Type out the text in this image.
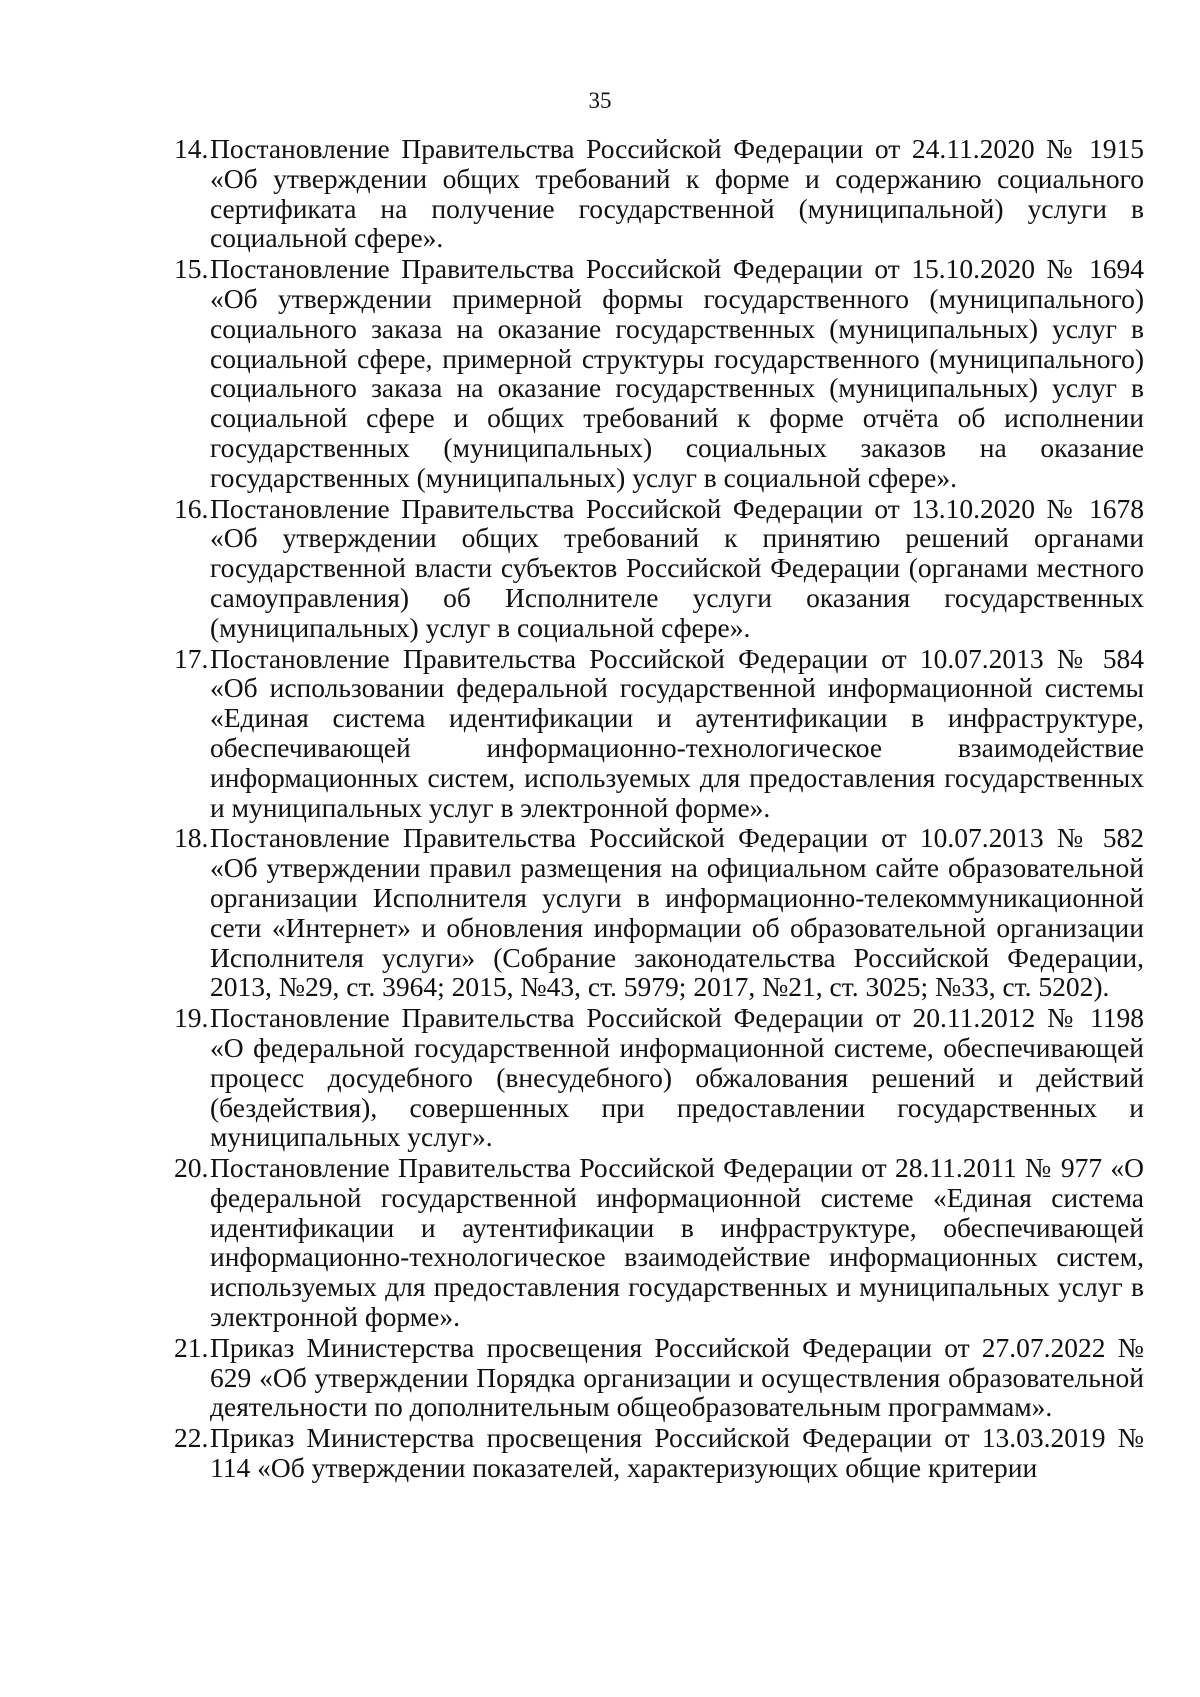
35
14. Постановление Правительства Российской Федерации от 24.11.2020 № 1915 «Об утверждении общих требований к форме и содержанию социального сертификата на получение государственной (муниципальной) услуги в социальной сфере».
15. Постановление Правительства Российской Федерации от 15.10.2020 № 1694 «Об утверждении примерной формы государственного (муниципального) социального заказа на оказание государственных (муниципальных) услуг в социальной сфере, примерной структуры государственного (муниципального) социального заказа на оказание государственных (муниципальных) услуг в социальной сфере и общих требований к форме отчёта об исполнении государственных (муниципальных) социальных заказов на оказание государственных (муниципальных) услуг в социальной сфере».
16. Постановление Правительства Российской Федерации от 13.10.2020 № 1678 «Об утверждении общих требований к принятию решений органами государственной власти субъектов Российской Федерации (органами местного самоуправления) об Исполнителе услуги оказания государственных (муниципальных) услуг в социальной сфере».
17. Постановление Правительства Российской Федерации от 10.07.2013 № 584 «Об использовании федеральной государственной информационной системы «Единая система идентификации и аутентификации в инфраструктуре, обеспечивающей информационно-технологическое взаимодействие информационных систем, используемых для предоставления государственных и муниципальных услуг в электронной форме».
18. Постановление Правительства Российской Федерации от 10.07.2013 № 582 «Об утверждении правил размещения на официальном сайте образовательной организации Исполнителя услуги в информационно-телекоммуникационной сети «Интернет» и обновления информации об образовательной организации Исполнителя услуги» (Собрание законодательства Российской Федерации, 2013, №29, ст. 3964; 2015, №43, ст. 5979; 2017, №21, ст. 3025; №33, ст. 5202).
19. Постановление Правительства Российской Федерации от 20.11.2012 № 1198 «О федеральной государственной информационной системе, обеспечивающей процесс досудебного (внесудебного) обжалования решений и действий (бездействия), совершенных при предоставлении государственных и муниципальных услуг».
20. Постановление Правительства Российской Федерации от 28.11.2011 № 977 «О федеральной государственной информационной системе «Единая система идентификации и аутентификации в инфраструктуре, обеспечивающей информационно-технологическое взаимодействие информационных систем, используемых для предоставления государственных и муниципальных услуг в электронной форме».
21. Приказ Министерства просвещения Российской Федерации от 27.07.2022 № 629 «Об утверждении Порядка организации и осуществления образовательной деятельности по дополнительным общеобразовательным программам».
22. Приказ Министерства просвещения Российской Федерации от 13.03.2019 № 114 «Об утверждении показателей, характеризующих общие критерии
